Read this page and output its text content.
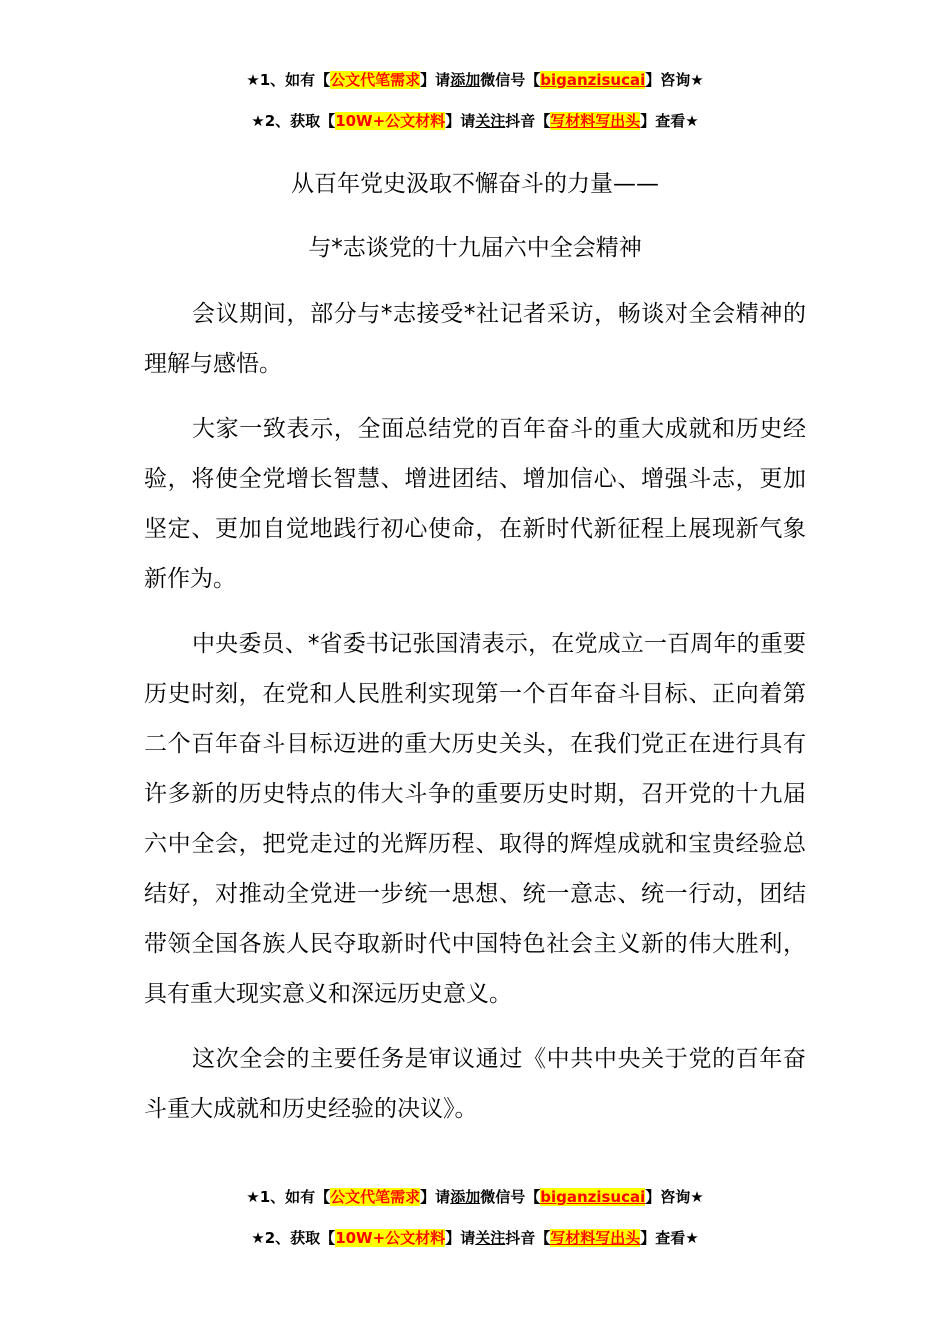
★1、如有【公文代笔需求】请添加微信号【biganzisucai】咨询★
★2、获取【10W+公文材料】请关注抖音【写材料写出头】查看★
从百年党史汲取不懈奋斗的力量——
与*志谈党的十九届六中全会精神

会议期间，部分与*志接受*社记者采访，畅谈对全会精神的理解与感悟。

大家一致表示，全面总结党的百年奋斗的重大成就和历史经验，将使全党增长智慧、增进团结、增加信心、增强斗志，更加坚定、更加自觉地践行初心使命，在新时代新征程上展现新气象新作为。

中央委员、*省委书记张国清表示，在党成立一百周年的重要历史时刻，在党和人民胜利实现第一个百年奋斗目标、正向着第二个百年奋斗目标迈进的重大历史关头，在我们党正在进行具有许多新的历史特点的伟大斗争的重要历史时期，召开党的十九届六中全会，把党走过的光辉历程、取得的辉煌成就和宝贵经验总结好，对推动全党进一步统一思想、统一意志、统一行动，团结带领全国各族人民夺取新时代中国特色社会主义新的伟大胜利，具有重大现实意义和深远历史意义。

这次全会的主要任务是审议通过《中共中央关于党的百年奋斗重大成就和历史经验的决议》。

★1、如有【公文代笔需求】请添加微信号【biganzisucai】咨询★
★2、获取【10W+公文材料】请关注抖音【写材料写出头】查看★
